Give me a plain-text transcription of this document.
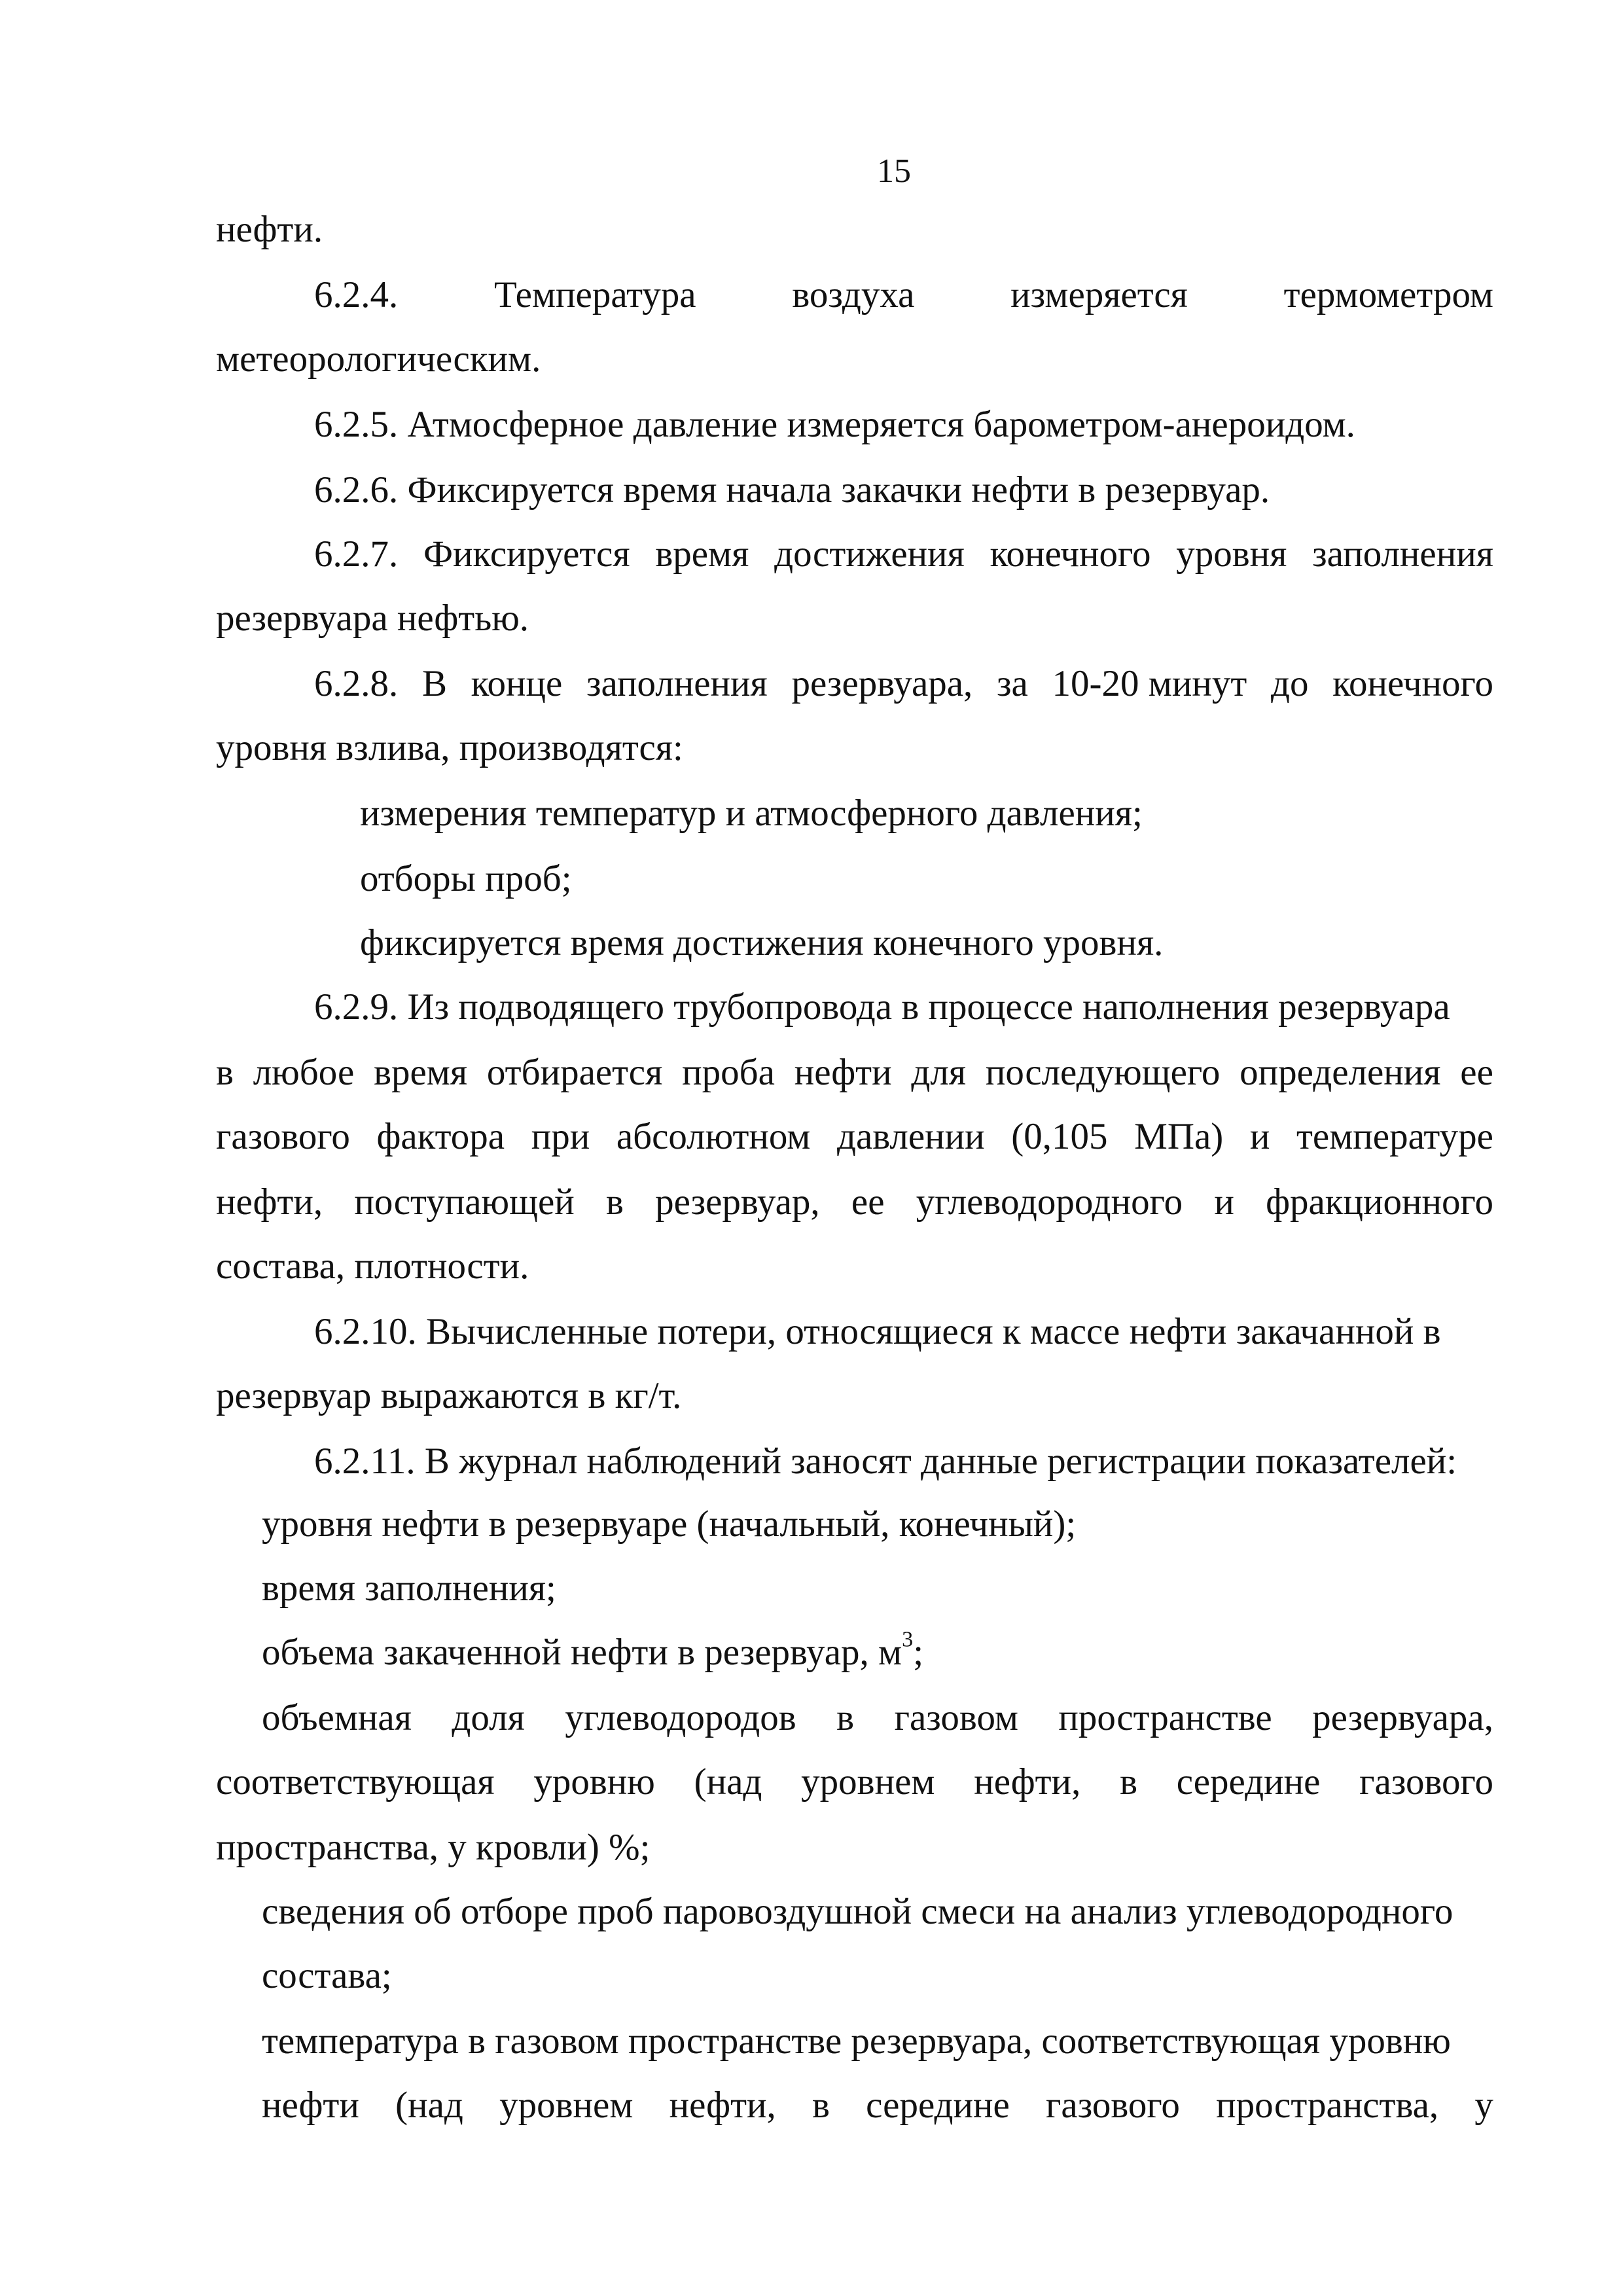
15

нефти.

6.2.4.	Температура	воздуха	измеряется	термометром

метеорологическим.

6.2.5. Атмосферное давление измеряется барометром-анероидом.

6.2.6. Фиксируется время начала закачки нефти в резервуар.

6.2.7. Фиксируется время достижения конечного уровня заполнения

резервуара нефтью.

6.2.8. В конце заполнения резервуара, за 10-20 минут до конечного

уровня взлива, производятся:

измерения температур и атмосферного давления;

отборы проб;

фиксируется время достижения конечного уровня.

6.2.9. Из подводящего трубопровода в процессе наполнения резервуара

в любое время отбирается проба нефти для последующего определения ее

газового фактора при абсолютном давлении (0,105 МПа) и температуре

нефти, поступающей в резервуар, ее углеводородного и фракционного

состава, плотности.

6.2.10. Вычисленные потери, относящиеся к массе нефти закачанной в

резервуар выражаются в кг/т.

6.2.11. В журнал наблюдений заносят данные регистрации показателей:

уровня нефти в резервуаре (начальный, конечный);

время заполнения;

объема закаченной нефти в резервуар, $м^3$;

объемная доля углеводородов в газовом пространстве резервуара,

соответствующая уровню (над уровнем нефти, в середине газового

пространства, у кровли) %;

сведения об отборе проб паровоздушной смеси на анализ углеводородного

состава;

температура в газовом пространстве резервуара, соответствующая уровню

нефти (над уровнем нефти, в середине газового пространства, у
